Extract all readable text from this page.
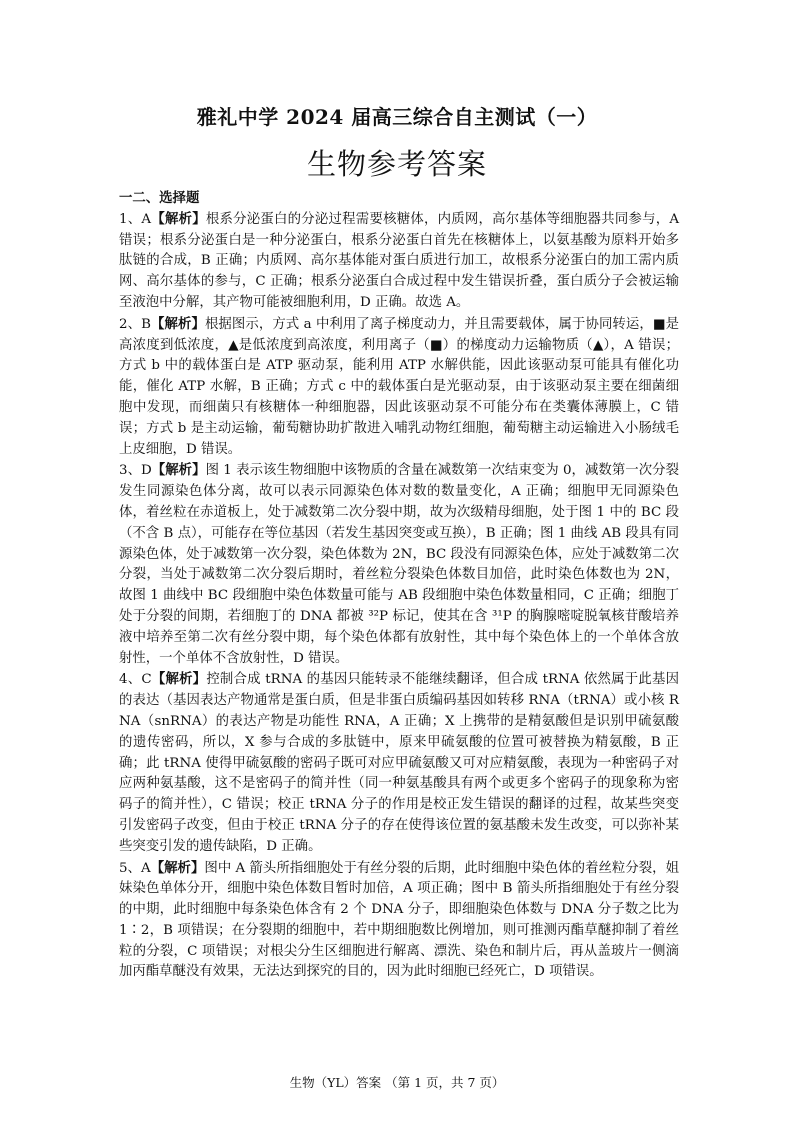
雅礼中学 2024 届高三综合自主测试（一）
生物参考答案
一二、选择题

1、A【解析】根系分泌蛋白的分泌过程需要核糖体，内质网，高尔基体等细胞器共同参与，A 错误；根系分泌蛋白是一种分泌蛋白，根系分泌蛋白首先在核糖体上，以氨基酸为原料开始多肽链的合成，B 正确；内质网、高尔基体能对蛋白质进行加工，故根系分泌蛋白的加工需内质网、高尔基体的参与，C 正确；根系分泌蛋白合成过程中发生错误折叠，蛋白质分子会被运输至液泡中分解，其产物可能被细胞利用，D 正确。故选 A。

2、B【解析】根据图示，方式 a 中利用了离子梯度动力，并且需要载体，属于协同转运，■是高浓度到低浓度，▲是低浓度到高浓度，利用离子（■）的梯度动力运输物质（▲），A 错误；方式 b 中的载体蛋白是 ATP 驱动泵，能利用 ATP 水解供能，因此该驱动泵可能具有催化功能，催化 ATP 水解，B 正确；方式 c 中的载体蛋白是光驱动泵，由于该驱动泵主要在细菌细胞中发现，而细菌只有核糖体一种细胞器，因此该驱动泵不可能分布在类囊体薄膜上，C 错误；方式 b 是主动运输，葡萄糖协助扩散进入哺乳动物红细胞，葡萄糖主动运输进入小肠绒毛上皮细胞，D 错误。

3、D【解析】图 1 表示该生物细胞中该物质的含量在减数第一次结束变为 0，减数第一次分裂发生同源染色体分离，故可以表示同源染色体对数的数量变化，A 正确；细胞甲无同源染色体，着丝粒在赤道板上，处于减数第二次分裂中期，故为次级精母细胞，处于图 1 中的 BC 段（不含 B 点），可能存在等位基因（若发生基因突变或互换），B 正确；图 1 曲线 AB 段具有同源染色体，处于减数第一次分裂，染色体数为 2N，BC 段没有同源染色体，应处于减数第二次分裂，当处于减数第二次分裂后期时，着丝粒分裂染色体数目加倍，此时染色体数也为 2N，故图 1 曲线中 BC 段细胞中染色体数量可能与 AB 段细胞中染色体数量相同，C 正确；细胞丁处于分裂的间期，若细胞丁的 DNA 都被 ³²P 标记，使其在含 ³¹P 的胸腺嘧啶脱氧核苷酸培养液中培养至第二次有丝分裂中期，每个染色体都有放射性，其中每个染色体上的一个单体含放射性，一个单体不含放射性，D 错误。

4、C【解析】控制合成 tRNA 的基因只能转录不能继续翻译，但合成 tRNA 依然属于此基因的表达（基因表达产物通常是蛋白质，但是非蛋白质编码基因如转移 RNA（tRNA）或小核 RNA（snRNA）的表达产物是功能性 RNA，A 正确；X 上携带的是精氨酸但是识别甲硫氨酸的遗传密码，所以，X 参与合成的多肽链中，原来甲硫氨酸的位置可被替换为精氨酸，B 正确；此 tRNA 使得甲硫氨酸的密码子既可对应甲硫氨酸又可对应精氨酸，表现为一种密码子对应两种氨基酸，这不是密码子的简并性（同一种氨基酸具有两个或更多个密码子的现象称为密码子的简并性），C 错误；校正 tRNA 分子的作用是校正发生错误的翻译的过程，故某些突变引发密码子改变，但由于校正 tRNA 分子的存在使得该位置的氨基酸未发生改变，可以弥补某些突变引发的遗传缺陷，D 正确。

5、A【解析】图中 A 箭头所指细胞处于有丝分裂的后期，此时细胞中染色体的着丝粒分裂，姐妹染色单体分开，细胞中染色体数目暂时加倍，A 项正确；图中 B 箭头所指细胞处于有丝分裂的中期，此时细胞中每条染色体含有 2 个 DNA 分子，即细胞染色体数与 DNA 分子数之比为 1∶2，B 项错误；在分裂期的细胞中，若中期细胞数比例增加，则可推测丙酯草醚抑制了着丝粒的分裂，C 项错误；对根尖分生区细胞进行解离、漂洗、染色和制片后，再从盖玻片一侧滴加丙酯草醚没有效果，无法达到探究的目的，因为此时细胞已经死亡，D 项错误。

生物（YL）答案 （第 1 页，共 7 页）
